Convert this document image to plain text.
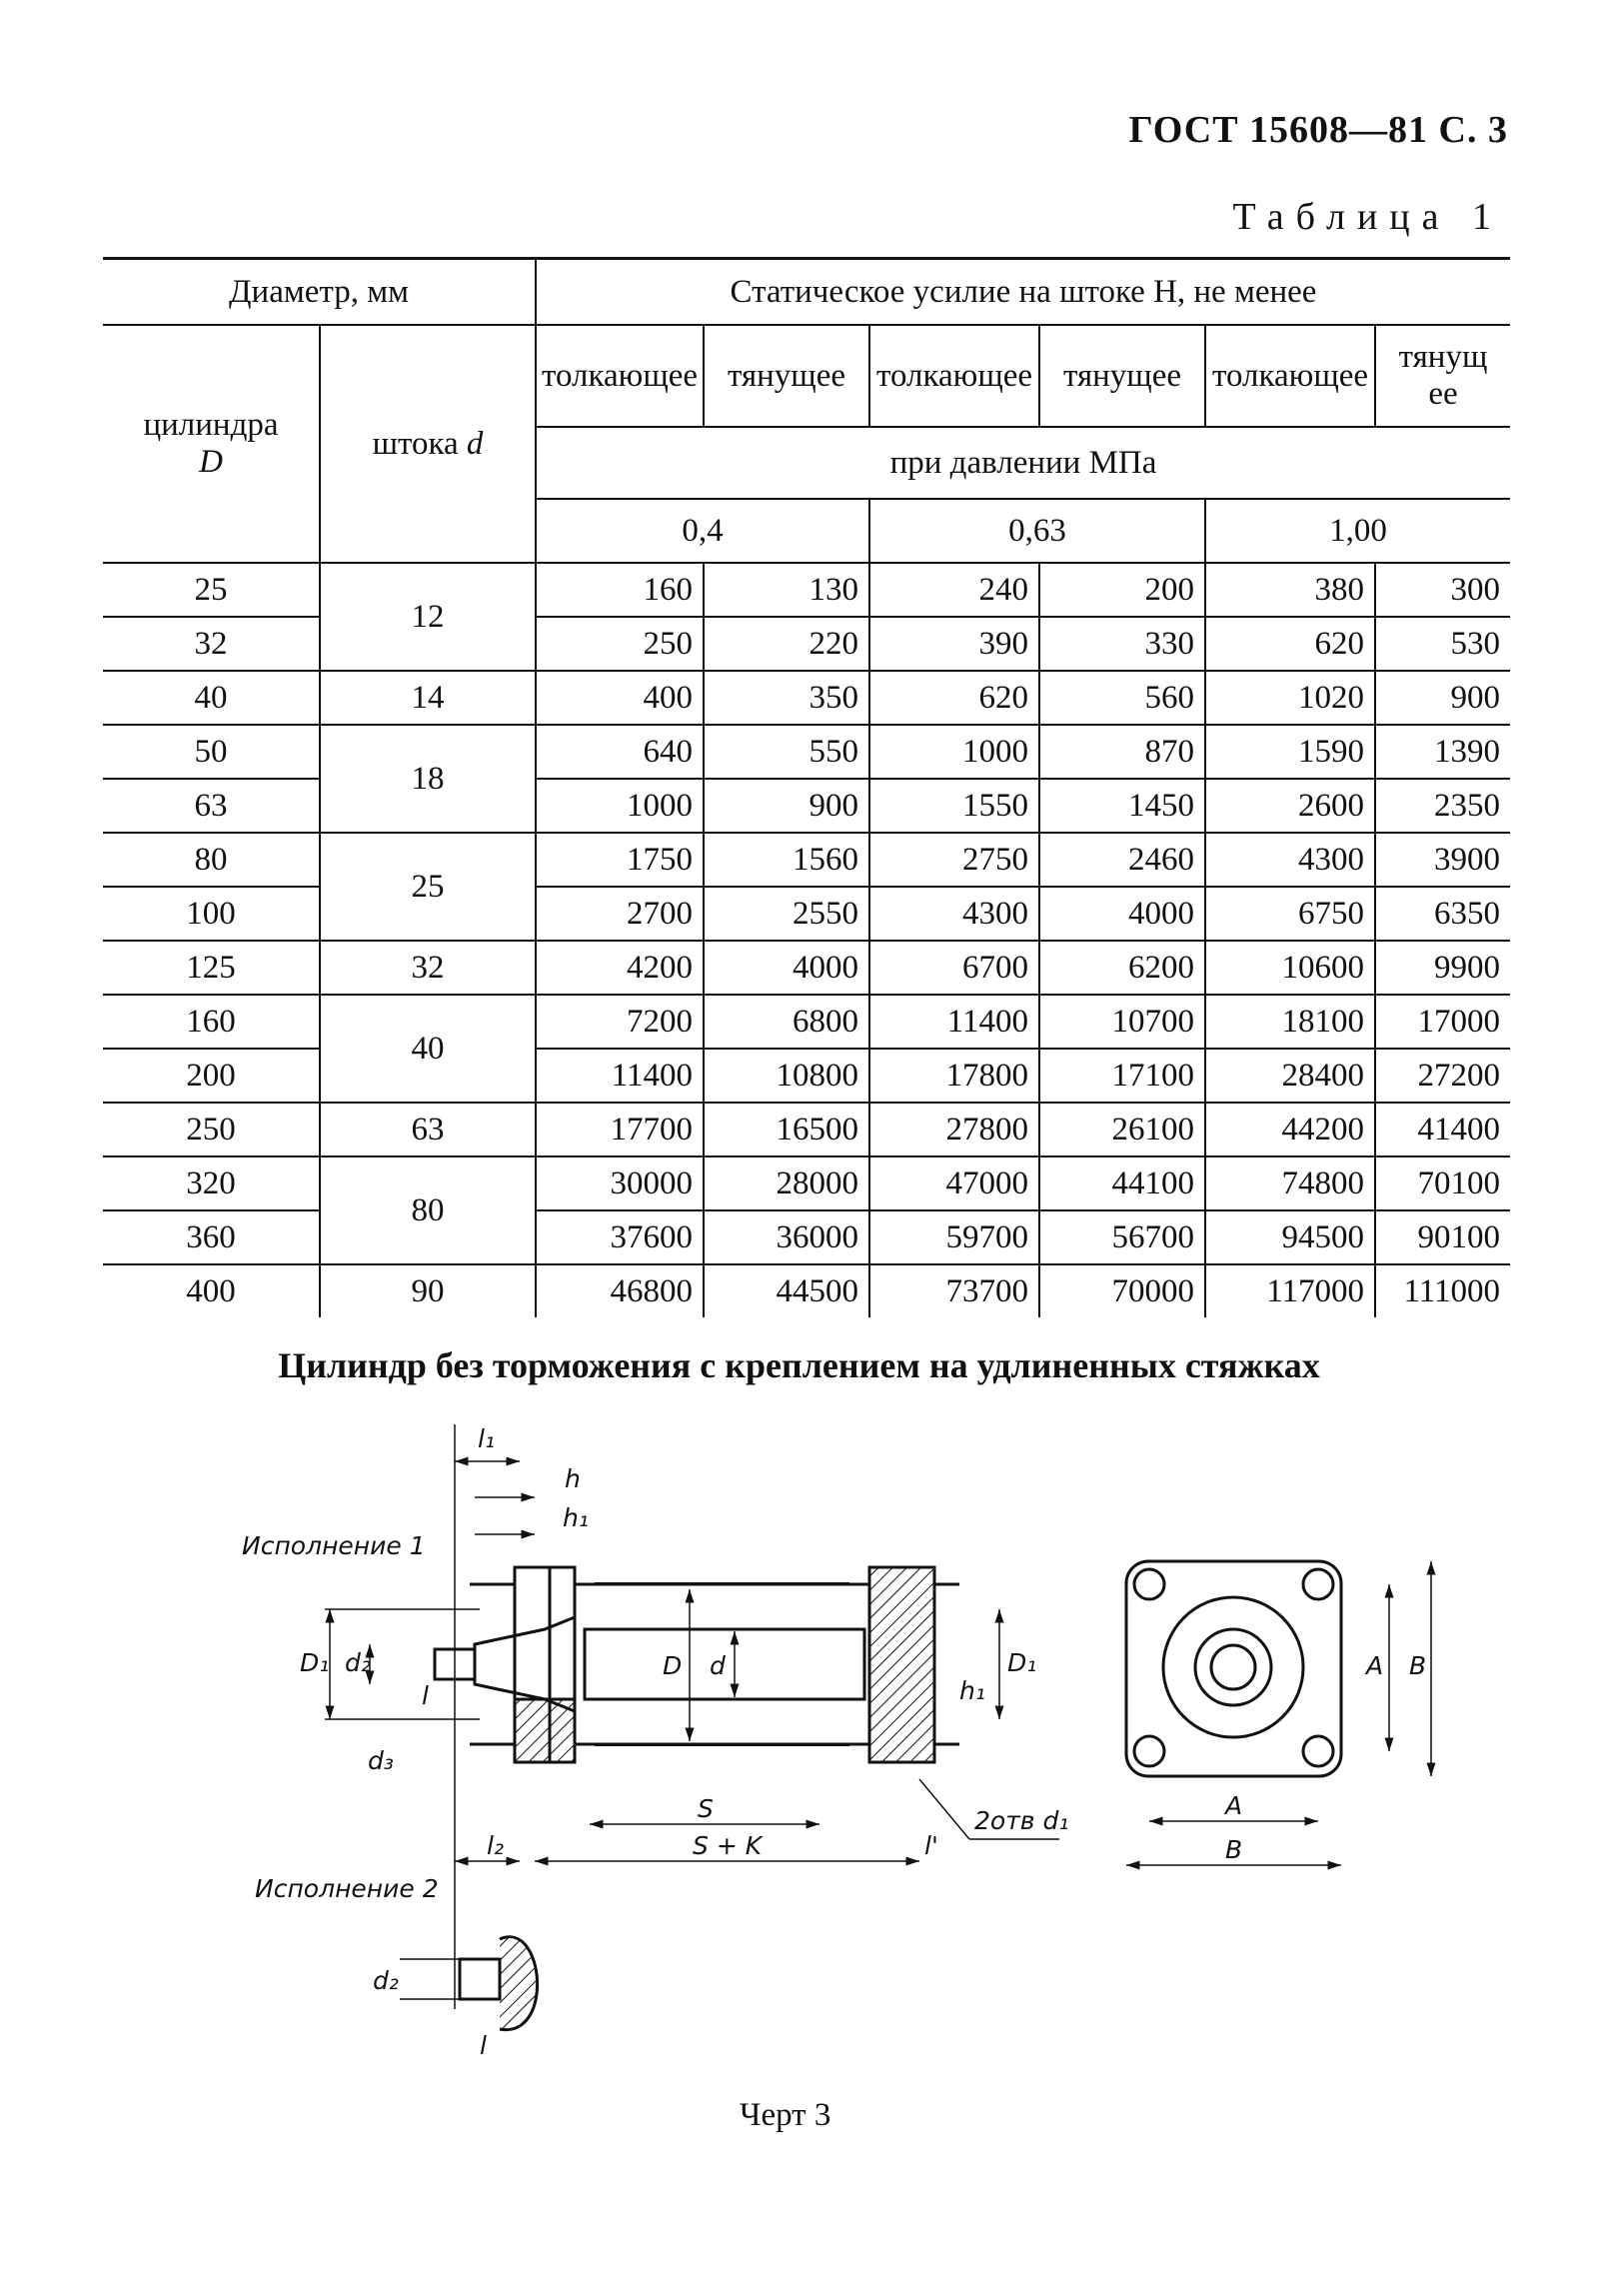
ГОСТ 15608—81 С. 3
Таблица 1
Диаметр, мм		Статическое усилие на штоке Н, не менее					
цилиндра
D	штока d	толкающее	тянущее	толкающее	тянущее	толкающее	тянущее
		при давлении МПа					
		0,4		0,63		1,00	
25	12	160	130	240	200	380	300
32		250	220	390	330	620	530
40	14	400	350	620	560	1020	900
50	18	640	550	1000	870	1590	1390
63		1000	900	1550	1450	2600	2350
80	25	1750	1560	2750	2460	4300	3900
100		2700	2550	4300	4000	6750	6350
125	32	4200	4000	6700	6200	10600	9900
160	40	7200	6800	11400	10700	18100	17000
200		11400	10800	17800	17100	28400	27200
250	63	17700	16500	27800	26100	44200	41400
320	80	30000	28000	47000	44100	74800	70100
360		37600	36000	59700	56700	94500	90100
400	90	46800	44500	73700	70000	117000	111000
Цилиндр без торможения с креплением на удлиненных стяжках
Исполнение 1
Исполнение 2
l₁
h
h₁
D₁ d₂
l
D d
d₃
S
S + K
l₂	l'
2отв d₁
h₁
D₁	A B
A
B
d₂
l
Черт 3
